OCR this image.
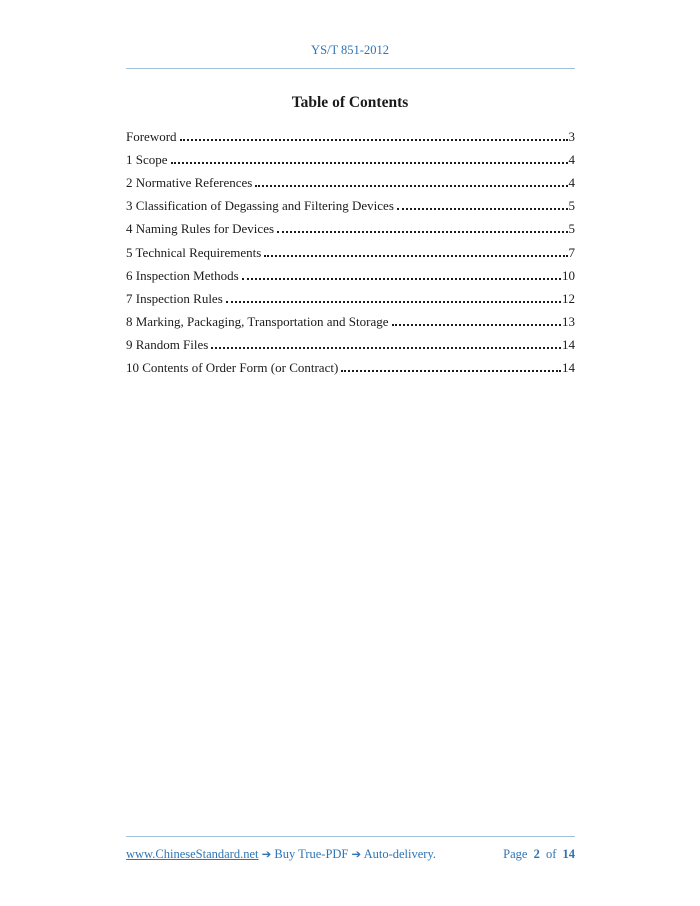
YS/T 851-2012
Table of Contents
Foreword	3
1 Scope	4
2 Normative References	4
3 Classification of Degassing and Filtering Devices	5
4 Naming Rules for Devices	5
5 Technical Requirements	7
6 Inspection Methods	10
7 Inspection Rules	12
8 Marking, Packaging, Transportation and Storage	13
9 Random Files	14
10 Contents of Order Form (or Contract)	14
www.ChineseStandard.net ➔ Buy True-PDF ➔ Auto-delivery.	Page 2 of 14
